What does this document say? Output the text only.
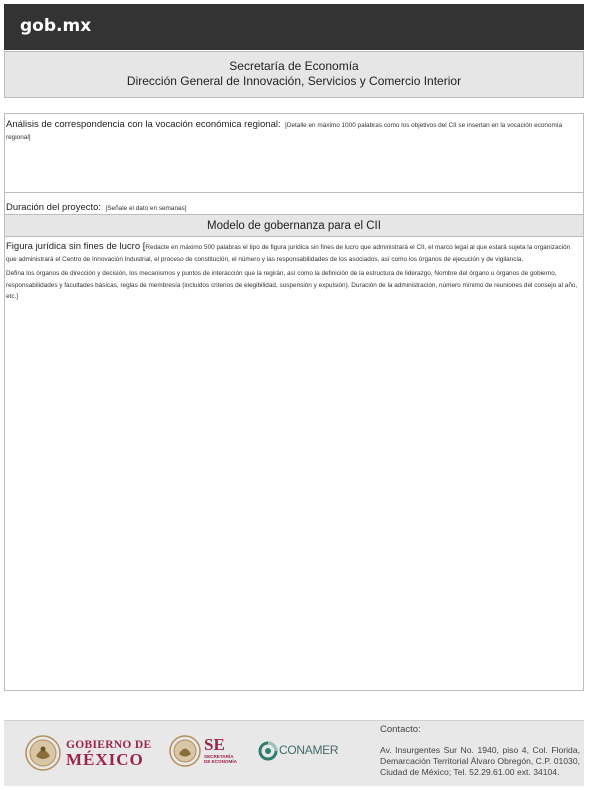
gob.mx
Secretaría de Economía
Dirección General de Innovación, Servicios y Comercio Interior

Análisis de correspondencia con la vocación económica regional: [Detalle en máximo 1000 palabras como los objetivos del CII se insertan en la vocación economía regional]

Duración del proyecto: [Señale el dato en semanas]
Modelo de gobernanza para el CII

Figura jurídica sin fines de lucro [Redacte en máximo 500 palabras el tipo de figura jurídica sin fines de lucro que administrará el CII, el marco legal al que estará sujeta la organización que administrará el Centro de Innovación Industrial, el proceso de constitución, el número y las responsabilidades de los asociados, así como los órganos de ejecución y de vigilancia.

Defina los órganos de dirección y decisión, los mecanismos y puntos de interacción que la regirán, así como la definición de la estructura de liderazgo, Nombre del órgano u órganos de gobierno, responsabilidades y facultades básicas, reglas de membresía (incluidos criterios de elegibilidad, suspensión y expulsión). Duración de la administración, número mínimo de reuniones del consejo al año, etc.]

GOBIERNO DE
MÉXICO
SE
SECRETARÍA
DE ECONOMÍA
CONAMER
Contacto:
Av. Insurgentes Sur No. 1940, piso 4, Col. Florida, Demarcación Territorial Álvaro Obregón, C.P. 01030, Ciudad de México; Tel. 52.29.61.00 ext. 34104.
